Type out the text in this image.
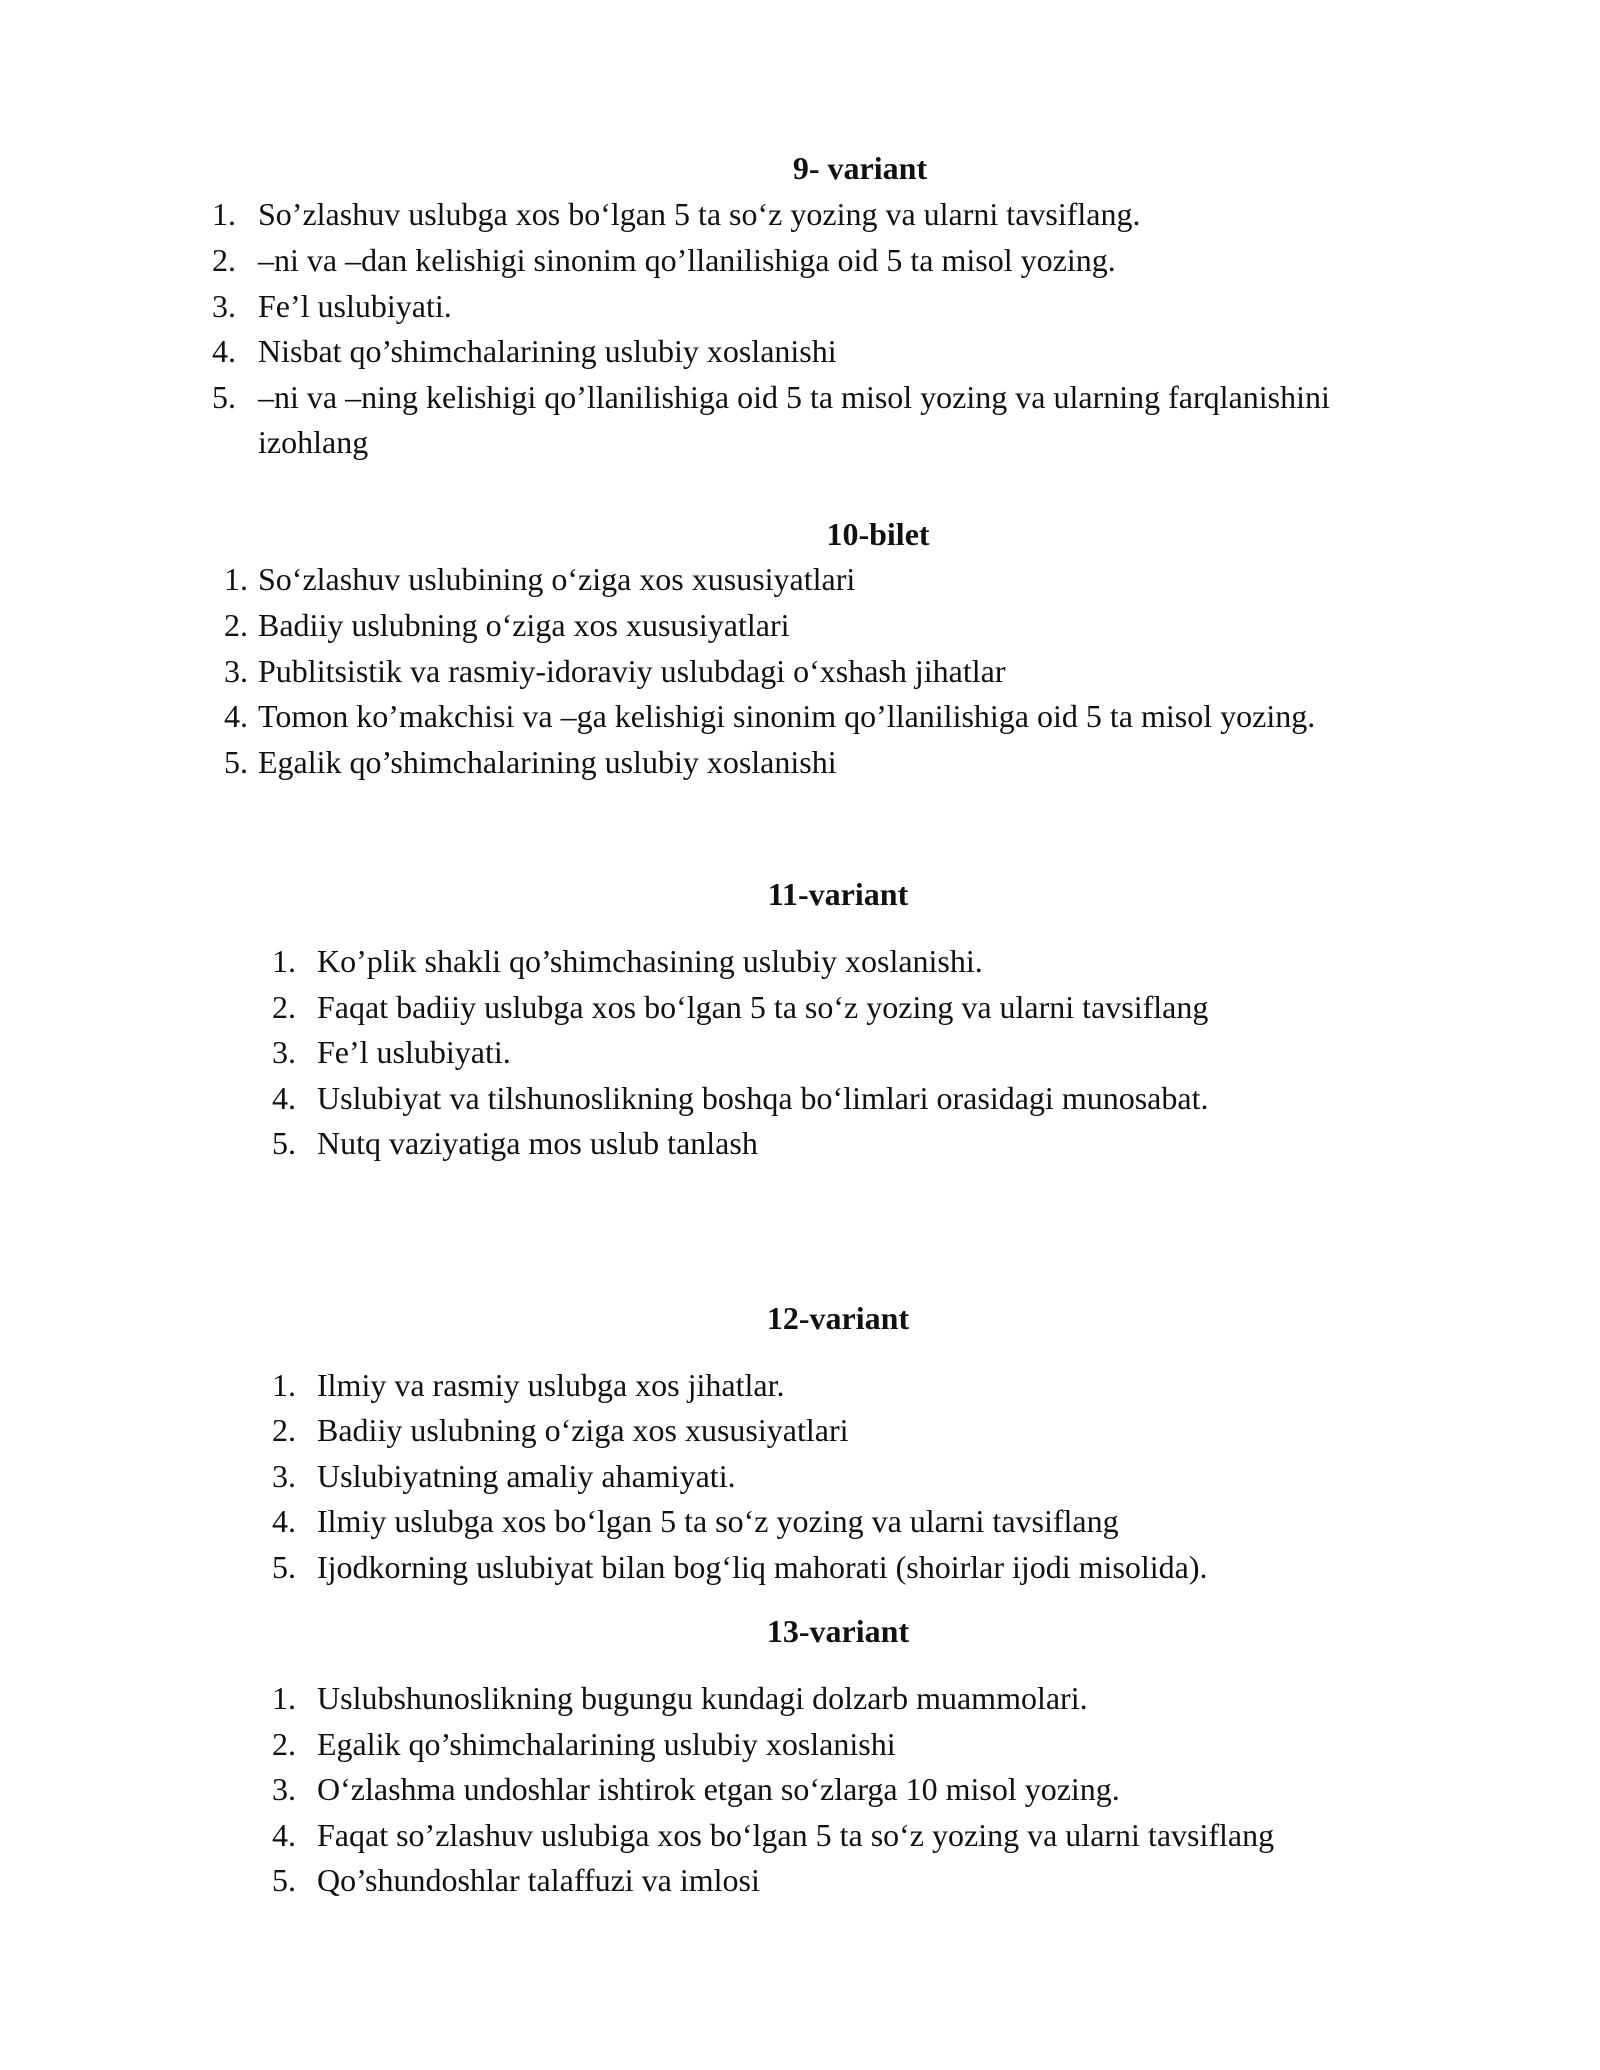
9- variant
1. So’zlashuv uslubga xos bo‘lgan 5 ta so‘z yozing va ularni tavsiflang.
2. –ni va –dan kelishigi sinonim qo’llanilishiga oid 5 ta misol yozing.
3. Fe’l uslubiyati.
4. Nisbat qo’shimchalarining uslubiy xoslanishi
5. –ni va –ning kelishigi qo’llanilishiga oid 5 ta misol yozing va ularning farqlanishini
izohlang
10-bilet
1. So‘zlashuv uslubining o‘ziga xos xususiyatlari
2. Badiiy uslubning o‘ziga xos xususiyatlari
3. Publitsistik va rasmiy-idoraviy uslubdagi o‘xshash jihatlar
4. Tomon ko’makchisi va –ga kelishigi sinonim qo’llanilishiga oid 5 ta misol yozing.
5. Egalik qo’shimchalarining uslubiy xoslanishi
11-variant
1. Ko’plik shakli qo’shimchasining uslubiy xoslanishi.
2. Faqat badiiy uslubga xos bo‘lgan 5 ta so‘z yozing va ularni tavsiflang
3. Fe’l uslubiyati.
4. Uslubiyat va tilshunoslikning boshqa bo‘limlari orasidagi munosabat.
5. Nutq vaziyatiga mos uslub tanlash
12-variant
1. Ilmiy va rasmiy uslubga xos jihatlar.
2. Badiiy uslubning o‘ziga xos xususiyatlari
3. Uslubiyatning amaliy ahamiyati.
4. Ilmiy uslubga xos bo‘lgan 5 ta so‘z yozing va ularni tavsiflang
5. Ijodkorning uslubiyat bilan bog‘liq mahorati (shoirlar ijodi misolida).
13-variant
1. Uslubshunoslikning bugungu kundagi dolzarb muammolari.
2. Egalik qo’shimchalarining uslubiy xoslanishi
3. O‘zlashma undoshlar ishtirok etgan so‘zlarga 10 misol yozing.
4. Faqat so’zlashuv uslubiga xos bo‘lgan 5 ta so‘z yozing va ularni tavsiflang
5. Qo’shundoshlar talaffuzi va imlosi
